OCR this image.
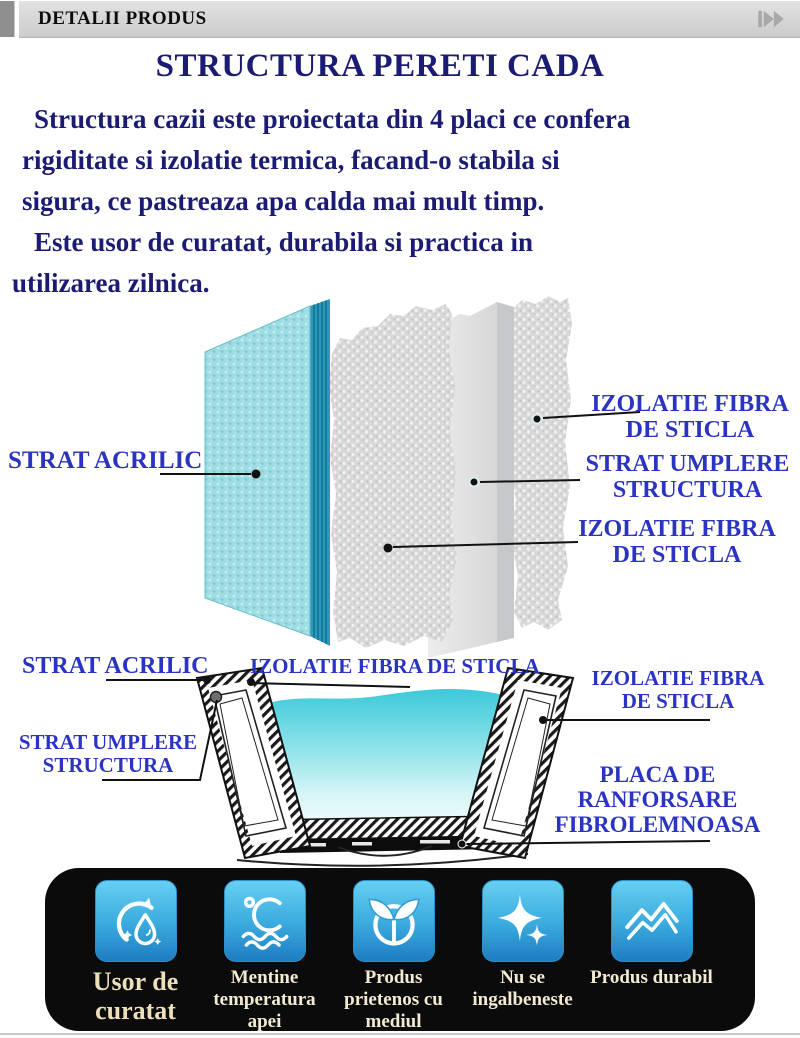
DETALII PRODUS
STRUCTURA PERETI CADA
Structura cazii este proiectata din 4 placi ce confera
rigiditate si izolatie termica, facand-o stabila si
sigura, ce pastreaza apa calda mai mult timp.
Este usor de curatat, durabila si practica in
utilizarea zilnica.
STRAT ACRILIC
IZOLATIE FIBRA
DE STICLA
STRAT UMPLERE
STRUCTURA
IZOLATIE FIBRA
DE STICLA
STRAT ACRILIC IZOLATIE FIBRA DE STICLA
STRAT UMPLERE
STRUCTURA
IZOLATIE FIBRA
DE STICLA
PLACA DE
RANFORSARE
FIBROLEMNOASA
Usor de curatat
Mentine temperatura apei
Produs prietenos cu mediul
Nu se ingalbeneste
Produs durabil
